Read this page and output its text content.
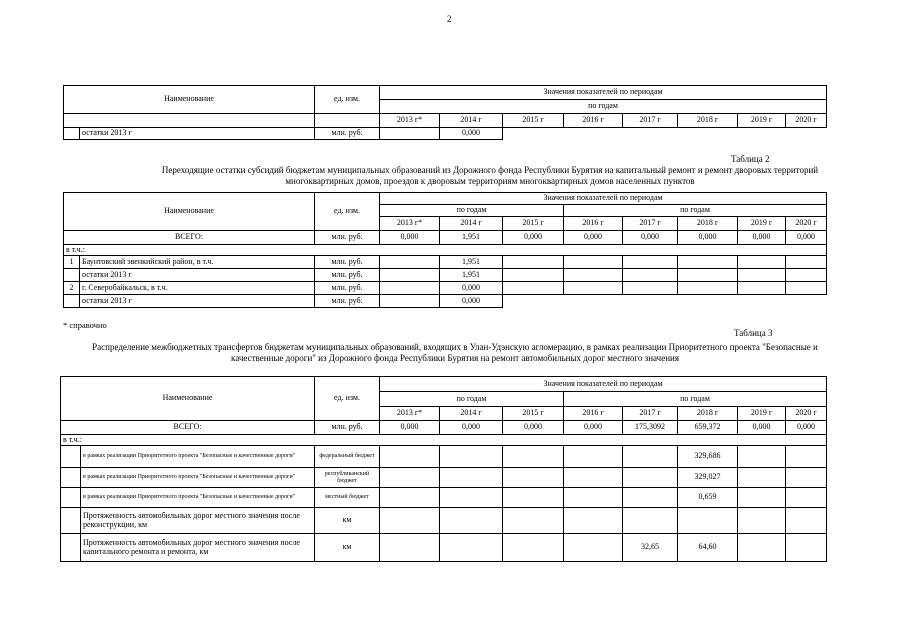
2
Наименование		ед. изм.	Значения показателей по периодам							
			по годам							
			2013 г*	2014 г	2015 г	2016 г	2017 г	2018 г	2019 г	2020 г
	остатки 2013 г	млн. руб.		0,000						
Таблица 2
Переходящие остатки субсидий бюджетам муниципальных образований из Дорожного фонда Республики Бурятия на капитальный ремонт и ремонт дворовых территорий многоквартирных домов, проездов к дворовым территориям многоквартирных домов населенных пунктов
Наименование		ед. изм.	Значения показателей по периодам							
			по годам			по годам				
			2013 г*	2014 г	2015 г	2016 г	2017 г	2018 г	2019 г	2020 г
ВСЕГО:		млн. руб.	0,000	1,951	0,000	0,000	0,000	0,000	0,000	0,000
в т.ч.:										
1	Баунтовский эвенкийский район, в т.ч.	млн. руб.		1,951						
	остатки 2013 г	млн. руб.		1,951						
2	г. Северобайкальск, в т.ч.	млн. руб.		0,000						
	остатки 2013 г	млн. руб.		0,000						
* справочно
Таблица 3
Распределение межбюджетных трансфертов бюджетам муниципальных образований, входящих в Улан-Удэнскую агломерацию, в рамках реализации Приоритетного проекта "Безопасные и качественные дороги" из Дорожного фонда Республики Бурятия на ремонт автомобильных дорог местного значения
Наименование		ед. изм.	Значения показателей по периодам							
			по годам			по годам				
			2013 г*	2014 г	2015 г	2016 г	2017 г	2018 г	2019 г	2020 г
ВСЕГО:		млн. руб.	0,000	0,000	0,000	0,000	175,3092	659,372	0,000	0,000
в т.ч.:										
	в рамках реализации Приоритетного проекта "Безопасные и качественные дороги"	федеральный бюджет						329,686		
	в рамках реализации Приоритетного проекта "Безопасные и качественные дороги"	республиканский бюджет						329,027		
	в рамках реализации Приоритетного проекта "Безопасные и качественные дороги"	местный бюджет						0,659		
	Протяженность автомобильных дорог местного значения после реконструкции, км	км								
	Протяженность автомобильных дорог местного значения после капитального ремонта и ремонта, км	км					32,65	64,60		
